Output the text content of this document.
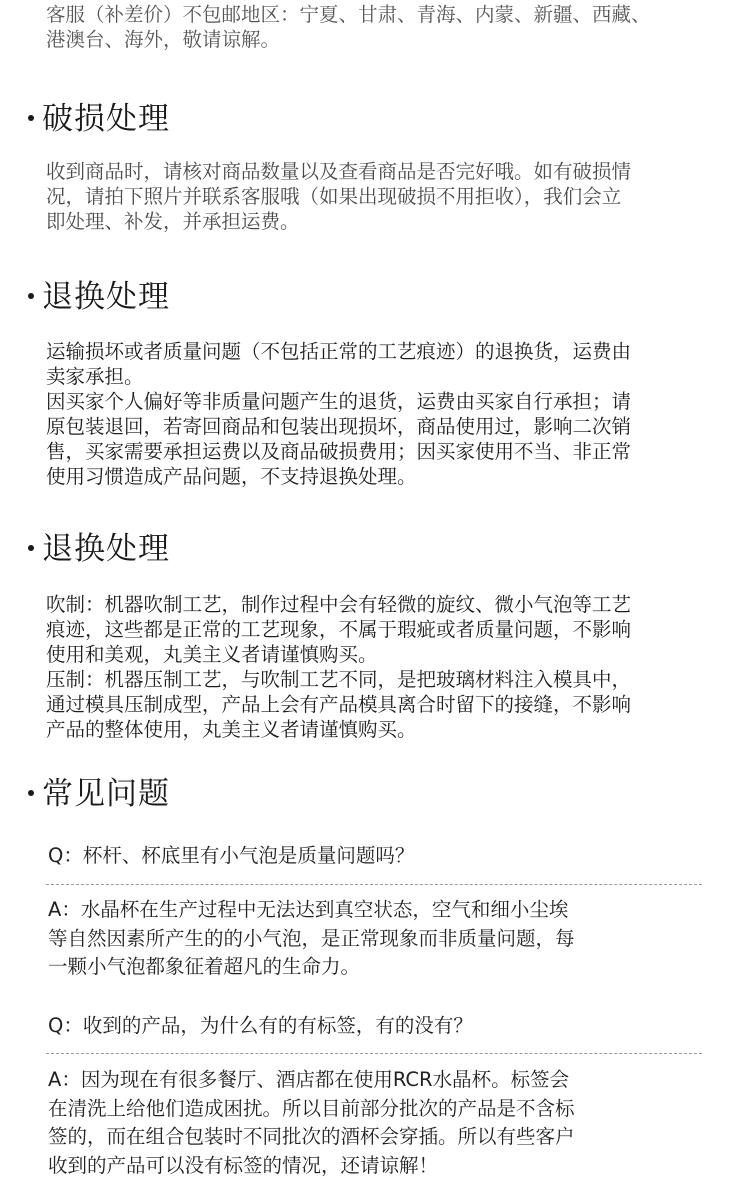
客服（补差价）不包邮地区：宁夏、甘肃、青海、内蒙、新疆、西藏、
港澳台、海外，敬请谅解。

破损处理

收到商品时，请核对商品数量以及查看商品是否完好哦。如有破损情
况，请拍下照片并联系客服哦（如果出现破损不用拒收），我们会立
即处理、补发，并承担运费。

退换处理

运输损坏或者质量问题（不包括正常的工艺痕迹）的退换货，运费由
卖家承担。
因买家个人偏好等非质量问题产生的退货，运费由买家自行承担；请
原包装退回，若寄回商品和包装出现损坏，商品使用过，影响二次销
售，买家需要承担运费以及商品破损费用；因买家使用不当、非正常
使用习惯造成产品问题，不支持退换处理。

退换处理

吹制：机器吹制工艺，制作过程中会有轻微的旋纹、微小气泡等工艺
痕迹，这些都是正常的工艺现象，不属于瑕疵或者质量问题，不影响
使用和美观，丸美主义者请谨慎购买。
压制：机器压制工艺，与吹制工艺不同，是把玻璃材料注入模具中，
通过模具压制成型，产品上会有产品模具离合时留下的接缝，不影响
产品的整体使用，丸美主义者请谨慎购买。

常见问题

Q：杯杆、杯底里有小气泡是质量问题吗？

A：水晶杯在生产过程中无法达到真空状态，空气和细小尘埃
等自然因素所产生的的小气泡，是正常现象而非质量问题，每
一颗小气泡都象征着超凡的生命力。

Q：收到的产品，为什么有的有标签，有的没有？

A：因为现在有很多餐厅、酒店都在使用RCR水晶杯。标签会
在清洗上给他们造成困扰。所以目前部分批次的产品是不含标
签的，而在组合包装时不同批次的酒杯会穿插。所以有些客户
收到的产品可以没有标签的情况，还请谅解！
